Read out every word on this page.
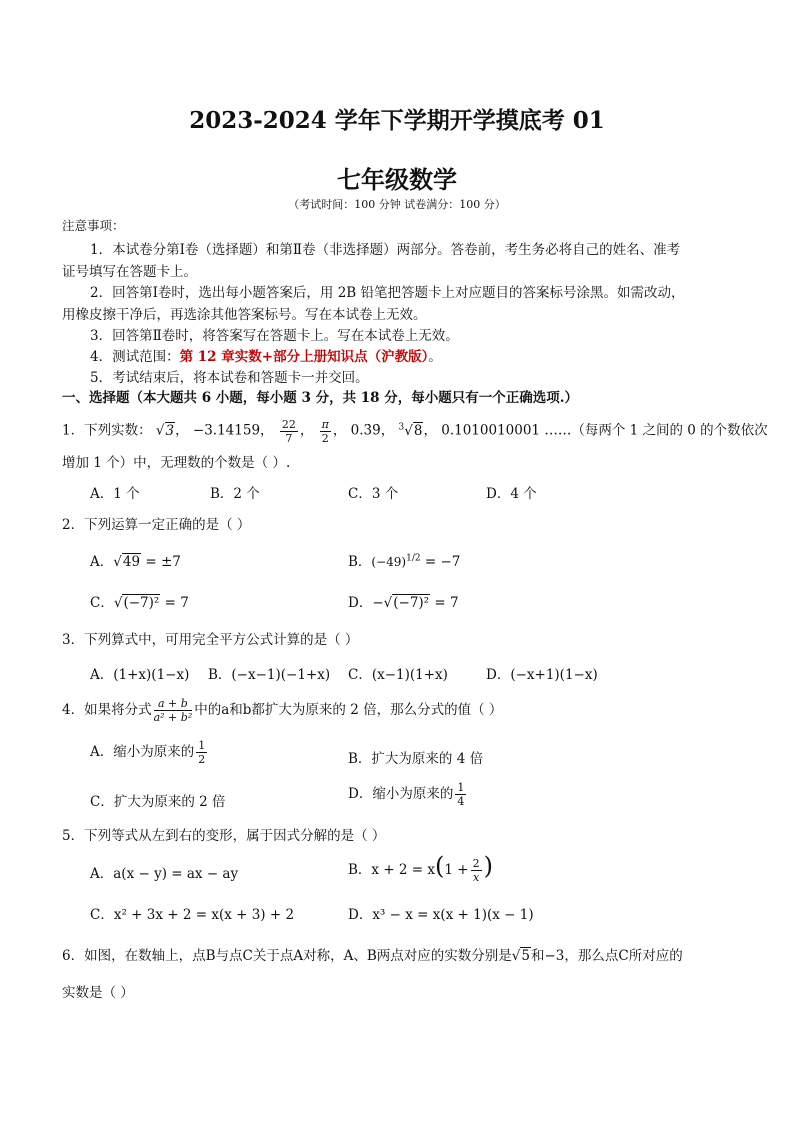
2023-2024 学年下学期开学摸底考 01
七年级数学
（考试时间：100 分钟 试卷满分：100 分）
注意事项：
1．本试卷分第Ⅰ卷（选择题）和第Ⅱ卷（非选择题）两部分。答卷前，考生务必将自己的姓名、准考
证号填写在答题卡上。
2．回答第Ⅰ卷时，选出每小题答案后，用 2B 铅笔把答题卡上对应题目的答案标号涂黑。如需改动，
用橡皮擦干净后，再选涂其他答案标号。写在本试卷上无效。
3．回答第Ⅱ卷时，将答案写在答题卡上。写在本试卷上无效。
4．测试范围：第 12 章实数+部分上册知识点（沪教版）。
5．考试结束后，将本试卷和答题卡一并交回。
一、选择题（本大题共 6 小题，每小题 3 分，共 18 分，每小题只有一个正确选项.）
1．下列实数： √3， −3.14159， $\frac{22}{7}$ ， $\frac{\pi}{2}$ ， 0.3̇9̇， $^3$√8， 0.1010010001 ……（每两个 1 之间的 0 的个数依次
增加 1 个）中，无理数的个数是（ ）.
A．1 个	B．2 个	C．3 个	D．4 个
2．下列运算一定正确的是（ ）
A．√49 = ±7	B．$(-49)^{1/2} = -7$
C．√(−7)² = 7	D．−√(−7)² = 7
3．下列算式中，可用完全平方公式计算的是（ ）
A．(1+x)(1−x) B．(−x−1)(−1+x) C．(x−1)(1+x)	D．(−x+1)(1−x)
4．如果将分式 $\frac{a + b}{\text{a² + b²}}$ 中的a和b都扩大为原来的 2 倍，那么分式的值（ ）
A．缩小为原来的 $\frac{1}{2}$	B．扩大为原来的 4 倍
C．扩大为原来的 2 倍	D．缩小为原来的 $\frac{1}{4}$
5．下列等式从左到右的变形，属于因式分解的是（ ）
A．a(x − y) = ax − ay	B．$x + 2 = x(1 + \frac{2}{x}$ )
C．x² + 3x + 2 = x(x + 3) + 2	D．x³ − x = x(x + 1)(x − 1)
6．如图，在数轴上，点B与点C关于点A对称，A、B两点对应的实数分别是√5和−3，那么点C所对应的
实数是（ ）
